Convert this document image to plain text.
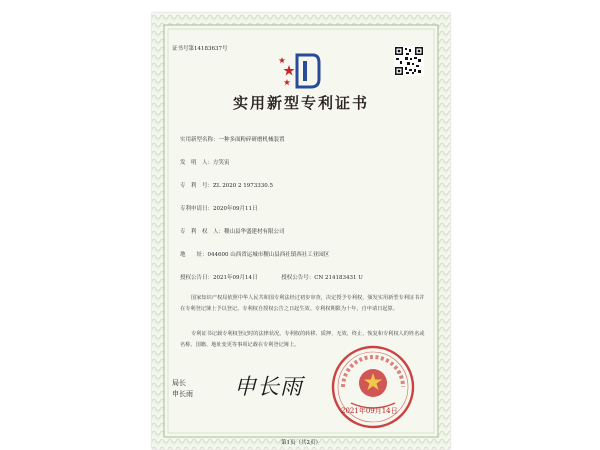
证书号第14183637号
实用新型专利证书
实用新型名称：一种多面粉碎研磨机械装置
发　明　人：方笑寅
专　利　号：ZL 2020 2 1973330.5
专利申请日：2020年09月11日
专　利　权　人：稷山县华盛建材有限公司
地　　址：044600 山西省运城市稷山县西社镇西社工业园区
授权公告日：2021年09月14日	授权公告号：CN 214183431 U
国家知识产权局依照中华人民共和国专利法经过初步审查，决定授予专利权，颁发实用新型专利证书并在专利登记簿上予以登记。专利权自授权公告之日起生效。专利权期限为十年，自申请日起算。
专利证书记载专利权登记时的法律状况。专利权的转移、质押、无效、终止、恢复和专利权人的姓名或名称、国籍、地址变更等事项记载在专利登记簿上。
局长
申长雨 申长雨
2021年09月14日
第1页（共2页）
